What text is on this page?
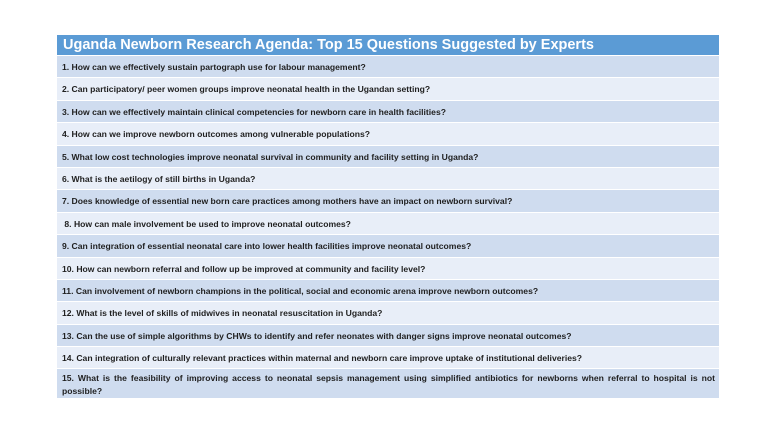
Uganda Newborn Research Agenda: Top 15 Questions Suggested by Experts
1. How can we effectively sustain partograph use for labour management?
2. Can participatory/ peer women groups improve neonatal health in the Ugandan setting?
3. How can we effectively maintain clinical competencies for newborn care in health facilities?
4. How can we improve newborn outcomes among vulnerable populations?
5. What low cost technologies improve neonatal survival in community and facility setting in Uganda?
6. What is the aetilogy of still births in Uganda?
7. Does knowledge of essential new born care practices among mothers have an impact on newborn survival?
8. How can male involvement be used to improve neonatal outcomes?
9. Can integration of essential neonatal care into lower health facilities improve neonatal outcomes?
10. How can newborn referral and follow up be improved at community and facility level?
11. Can involvement of newborn champions in the political, social and economic arena improve newborn outcomes?
12. What is the level of skills of midwives in neonatal resuscitation in Uganda?
13. Can the use of simple algorithms by CHWs to identify and refer neonates with danger signs improve neonatal outcomes?
14. Can integration of culturally relevant practices within maternal and newborn care improve uptake of institutional deliveries?
15. What is the feasibility of improving access to neonatal sepsis management using simplified antibiotics for newborns when referral to hospital is not possible?
